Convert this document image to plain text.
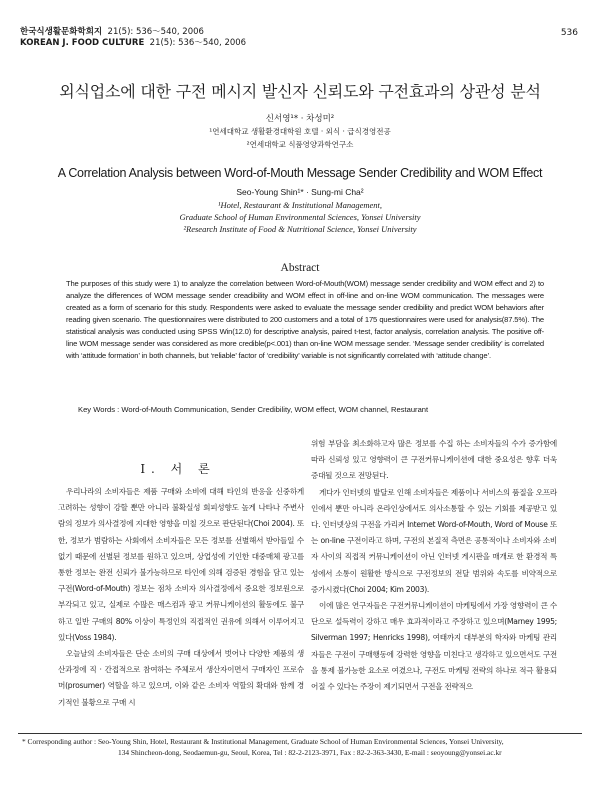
한국식생활문화학회지 21(5): 536～540, 2006
KOREAN J. FOOD CULTURE 21(5): 536～540, 2006
536
외식업소에 대한 구전 메시지 발신자 신뢰도와 구전효과의 상관성 분석
신서영¹* · 차성미²
¹연세대학교 생활환경대학원 호텔 · 외식 · 급식경영전공
²연세대학교 식품영양과학연구소
A Correlation Analysis between Word-of-Mouth Message Sender Credibility and WOM Effect
Seo-Young Shin¹* · Sung-mi Cha²
¹Hotel, Restaurant & Institutional Management,
Graduate School of Human Environmental Sciences, Yonsei University
²Research Institute of Food & Nutritional Science, Yonsei University
Abstract
The purposes of this study were 1) to analyze the correlation between Word-of-Mouth(WOM) message sender credibility and WOM effect and 2) to analyze the differences of WOM message sender creadibility and WOM effect in off-line and on-line WOM communication. The messages were created as a form of scenario for this study. Respondents were asked to evaluate the message sender credibility and predict WOM behaviors after reading given scenario. The questionnaires were distributed to 200 customers and a total of 175 questionnaires were used for analysis(87.5%). The statistical analysis was conducted using SPSS Win(12.0) for descriptive analysis, paired t-test, factor analysis, correlation analysis. The positive off-line WOM message sender was considered as more credible(p<.001) than on-line WOM message sender. ‘Message sender credibility’ is correlated with ‘attitude formation’ in both channels, but ‘reliable’ factor of ‘credibility’ variable is not significantly correlated with ‘attitude change’.
Key Words : Word-of-Mouth Communication, Sender Credibility, WOM effect, WOM channel, Restaurant
Ⅰ. 서 론

우리나라의 소비자들은 제품 구매와 소비에 대해 타인의 반응을 신중하게 고려하는 성향이 강할 뿐만 아니라 불확실성 회피성향도 높게 나타나 주변사람의 정보가 의사결정에 지대한 영향을 미칠 것으로 판단된다(Choi 2004). 또한, 정보가 범람하는 사회에서 소비자들은 모든 정보를 선별해서 받아들일 수 없기 때문에 선별된 정보를 원하고 있으며, 상업성에 기인한 대중매체 광고를 통한 정보는 완전 신뢰가 불가능하므로 타인에 의해 검증된 경험을 담고 있는 구전(Word-of-Mouth) 정보는 점차 소비자 의사결정에서 중요한 정보원으로 부각되고 있고, 실제로 수많은 매스컴과 광고 커뮤니케이션의 활동에도 불구하고 일반 구매의 80% 이상이 특정인의 직접적인 권유에 의해서 이루어지고 있다(Voss 1984).

오늘날의 소비자들은 단순 소비의 구매 대상에서 벗어나 다양한 제품의 생산과정에 직 · 간접적으로 참여하는 주체로서 생산자이면서 구매자인 프로슈머(prosumer) 역할을 하고 있으며, 이와 같은 소비자 역할의 확대와 함께 경기적인 불황으로 구매 시

위험 부담을 최소화하고자 많은 정보를 수집 하는 소비자들의 수가 증가함에 따라 신뢰성 있고 영향력이 큰 구전커뮤니케이션에 대한 중요성은 향후 더욱 증대될 것으로 전망된다.

게다가 인터넷의 발달로 인해 소비자들은 제품이나 서비스의 품질을 오프라인에서 뿐만 아니라 온라인상에서도 의사소통할 수 있는 기회를 제공받고 있다. 인터넷상의 구전을 가리켜 Internet Word-of-Mouth, Word of Mouse 또는 on-line 구전이라고 하며, 구전의 본질적 측면은 공통적이나 소비자와 소비자 사이의 직접적 커뮤니케이션이 아닌 인터넷 게시판을 매개로 한 환경적 특성에서 소통이 원활한 방식으로 구전정보의 전달 범위와 속도를 비약적으로 증가시켰다(Choi 2004; Kim 2003).

이에 많은 연구자들은 구전커뮤니케이션이 마케팅에서 가장 영향력이 큰 수단으로 설득력이 강하고 매우 효과적이라고 주장하고 있으며(Marney 1995; Silverman 1997; Henricks 1998), 여태까지 대부분의 학자와 마케팅 관리자들은 구전이 구매행동에 강력한 영향을 미친다고 생각하고 있으면서도 구전을 통제 불가능한 요소로 여겼으나, 구전도 마케팅 전략의 하나로 적극 활용되어질 수 있다는 주장이 제기되면서 구전을 전략적으

* Corresponding author : Seo-Young Shin, Hotel, Restaurant & Institutional Management, Graduate School of Human Environmental Sciences, Yonsei University,
134 Shincheon-dong, Seodaemun-gu, Seoul, Korea, Tel : 82-2-2123-3971, Fax : 82-2-363-3430, E-mail : seoyoung@yonsei.ac.kr
